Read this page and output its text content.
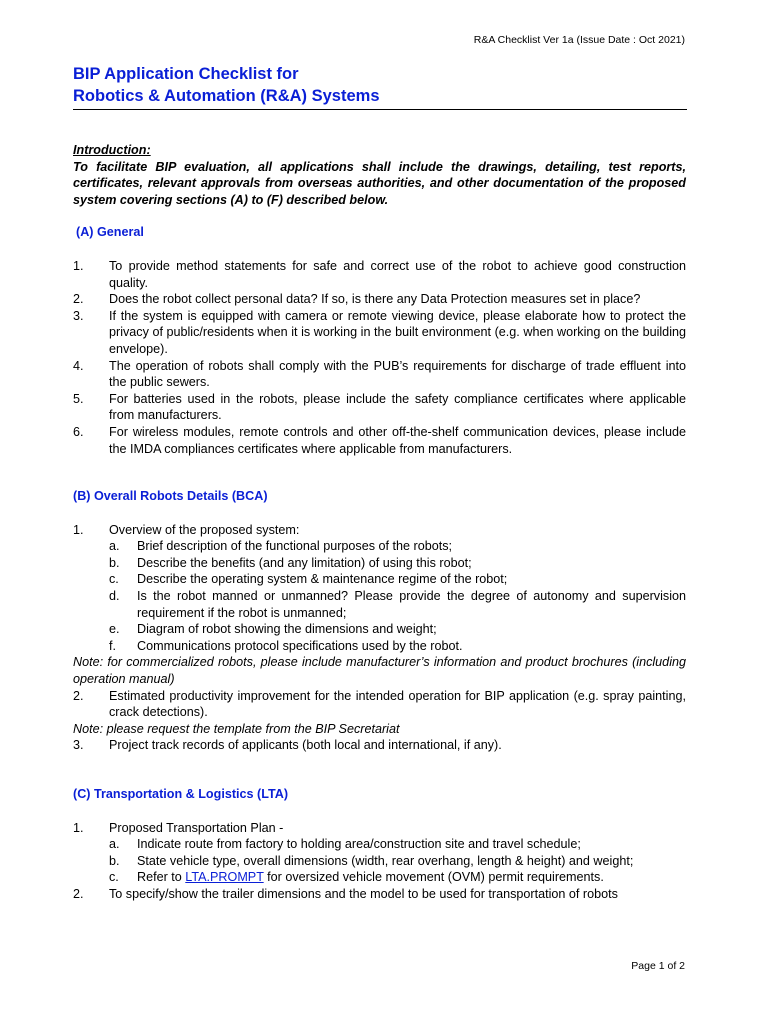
R&A Checklist Ver 1a (Issue Date : Oct 2021)
BIP Application Checklist for
Robotics & Automation (R&A) Systems
Introduction:
To facilitate BIP evaluation, all applications shall include the drawings, detailing, test reports, certificates, relevant approvals from overseas authorities, and other documentation of the proposed system covering sections (A) to (F) described below.
(A) General
1. To provide method statements for safe and correct use of the robot to achieve good construction quality.
2. Does the robot collect personal data? If so, is there any Data Protection measures set in place?
3. If the system is equipped with camera or remote viewing device, please elaborate how to protect the privacy of public/residents when it is working in the built environment (e.g. when working on the building envelope).
4. The operation of robots shall comply with the PUB’s requirements for discharge of trade effluent into the public sewers.
5. For batteries used in the robots, please include the safety compliance certificates where applicable from manufacturers.
6. For wireless modules, remote controls and other off-the-shelf communication devices, please include the IMDA compliances certificates where applicable from manufacturers.
(B) Overall Robots Details (BCA)
1. Overview of the proposed system:
a. Brief description of the functional purposes of the robots;
b. Describe the benefits (and any limitation) of using this robot;
c. Describe the operating system & maintenance regime of the robot;
d. Is the robot manned or unmanned? Please provide the degree of autonomy and supervision requirement if the robot is unmanned;
e. Diagram of robot showing the dimensions and weight;
f. Communications protocol specifications used by the robot.
Note: for commercialized robots, please include manufacturer’s information and product brochures (including operation manual)
2. Estimated productivity improvement for the intended operation for BIP application (e.g. spray painting, crack detections).
Note: please request the template from the BIP Secretariat
3. Project track records of applicants (both local and international, if any).
(C) Transportation & Logistics (LTA)
1. Proposed Transportation Plan -
a. Indicate route from factory to holding area/construction site and travel schedule;
b. State vehicle type, overall dimensions (width, rear overhang, length & height) and weight;
c. Refer to LTA.PROMPT for oversized vehicle movement (OVM) permit requirements.
2. To specify/show the trailer dimensions and the model to be used for transportation of robots
Page 1 of 2
